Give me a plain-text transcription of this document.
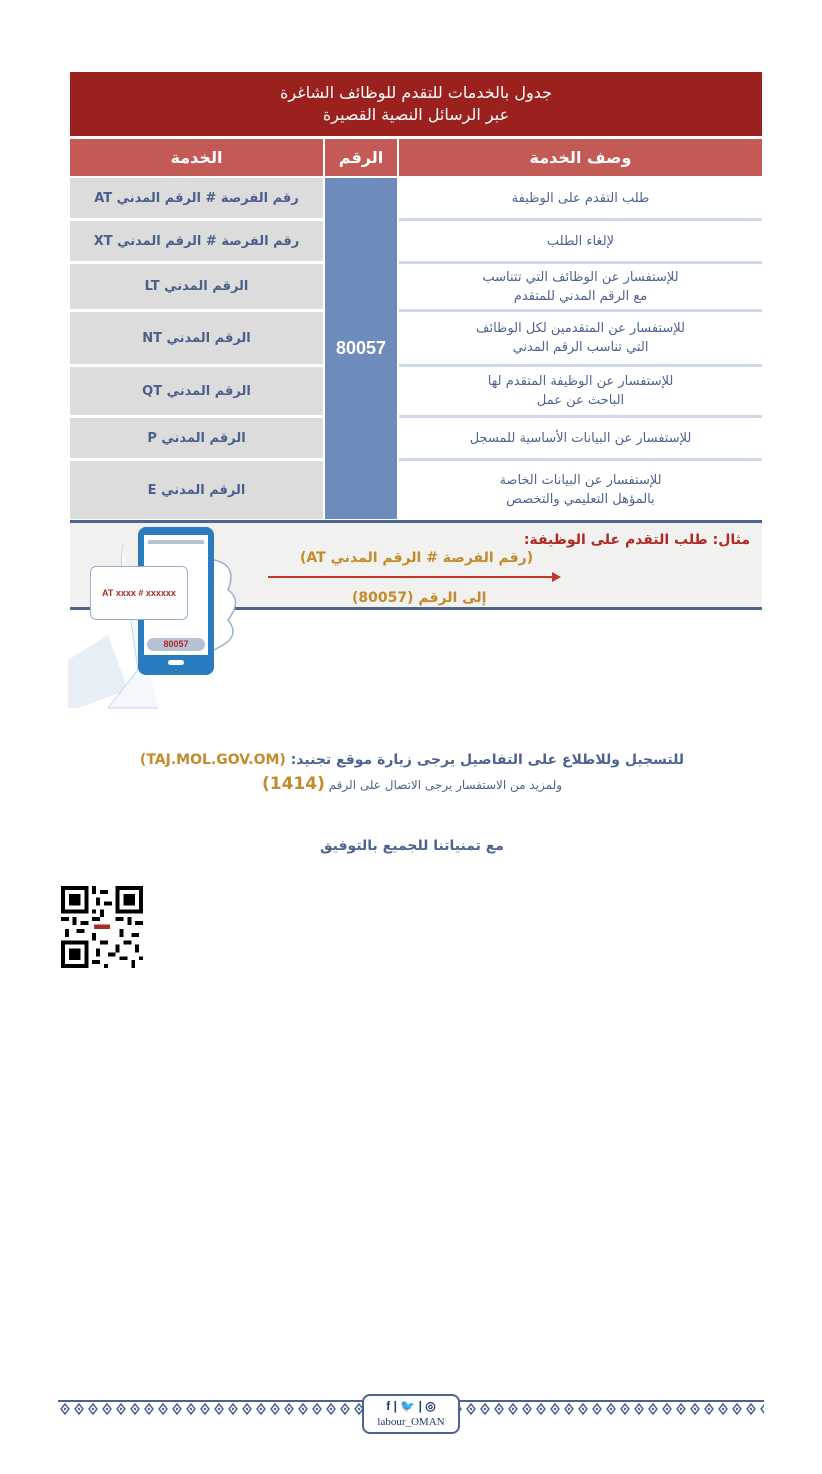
جدول بالخدمات للتقدم للوظائف الشاغرة
عبر الرسائل النصية القصيرة
الخدمة	الرقم	وصف الخدمة
رقم الفرصة # الرقم المدني AT
رقم الفرصة # الرقم المدني XT
الرقم المدني LT
الرقم المدني NT
الرقم المدني QT
الرقم المدني P
الرقم المدني E
80057
طلب التقدم على الوظيفة
لإلغاء الطلب
للإستفسار عن الوظائف التي تتناسب
مع الرقم المدني للمتقدم
للإستفسار عن المتقدمين لكل الوظائف
التي تناسب الرقم المدني
للإستفسار عن الوظيفة المتقدم لها
الباحث عن عمل
للإستفسار عن البيانات الأساسية للمسجل
للإستفسار عن البيانات الخاصة
بالمؤهل التعليمي والتخصص
مثال: طلب التقدم على الوظيفة:
(رقم الفرصة # الرقم المدني AT)
إلى الرقم (80057)
AT xxxx # xxxxxx
80057
للتسجيل وللاطلاع على التفاصيل يرجى زيارة موقع تجنيد: (TAJ.MOL.GOV.OM)
ولمزيد من الاستفسار يرجى الاتصال على الرقم (1414)
مع تمنياتنا للجميع بالتوفيق
f | 🐦 | ◎
labour_OMAN
